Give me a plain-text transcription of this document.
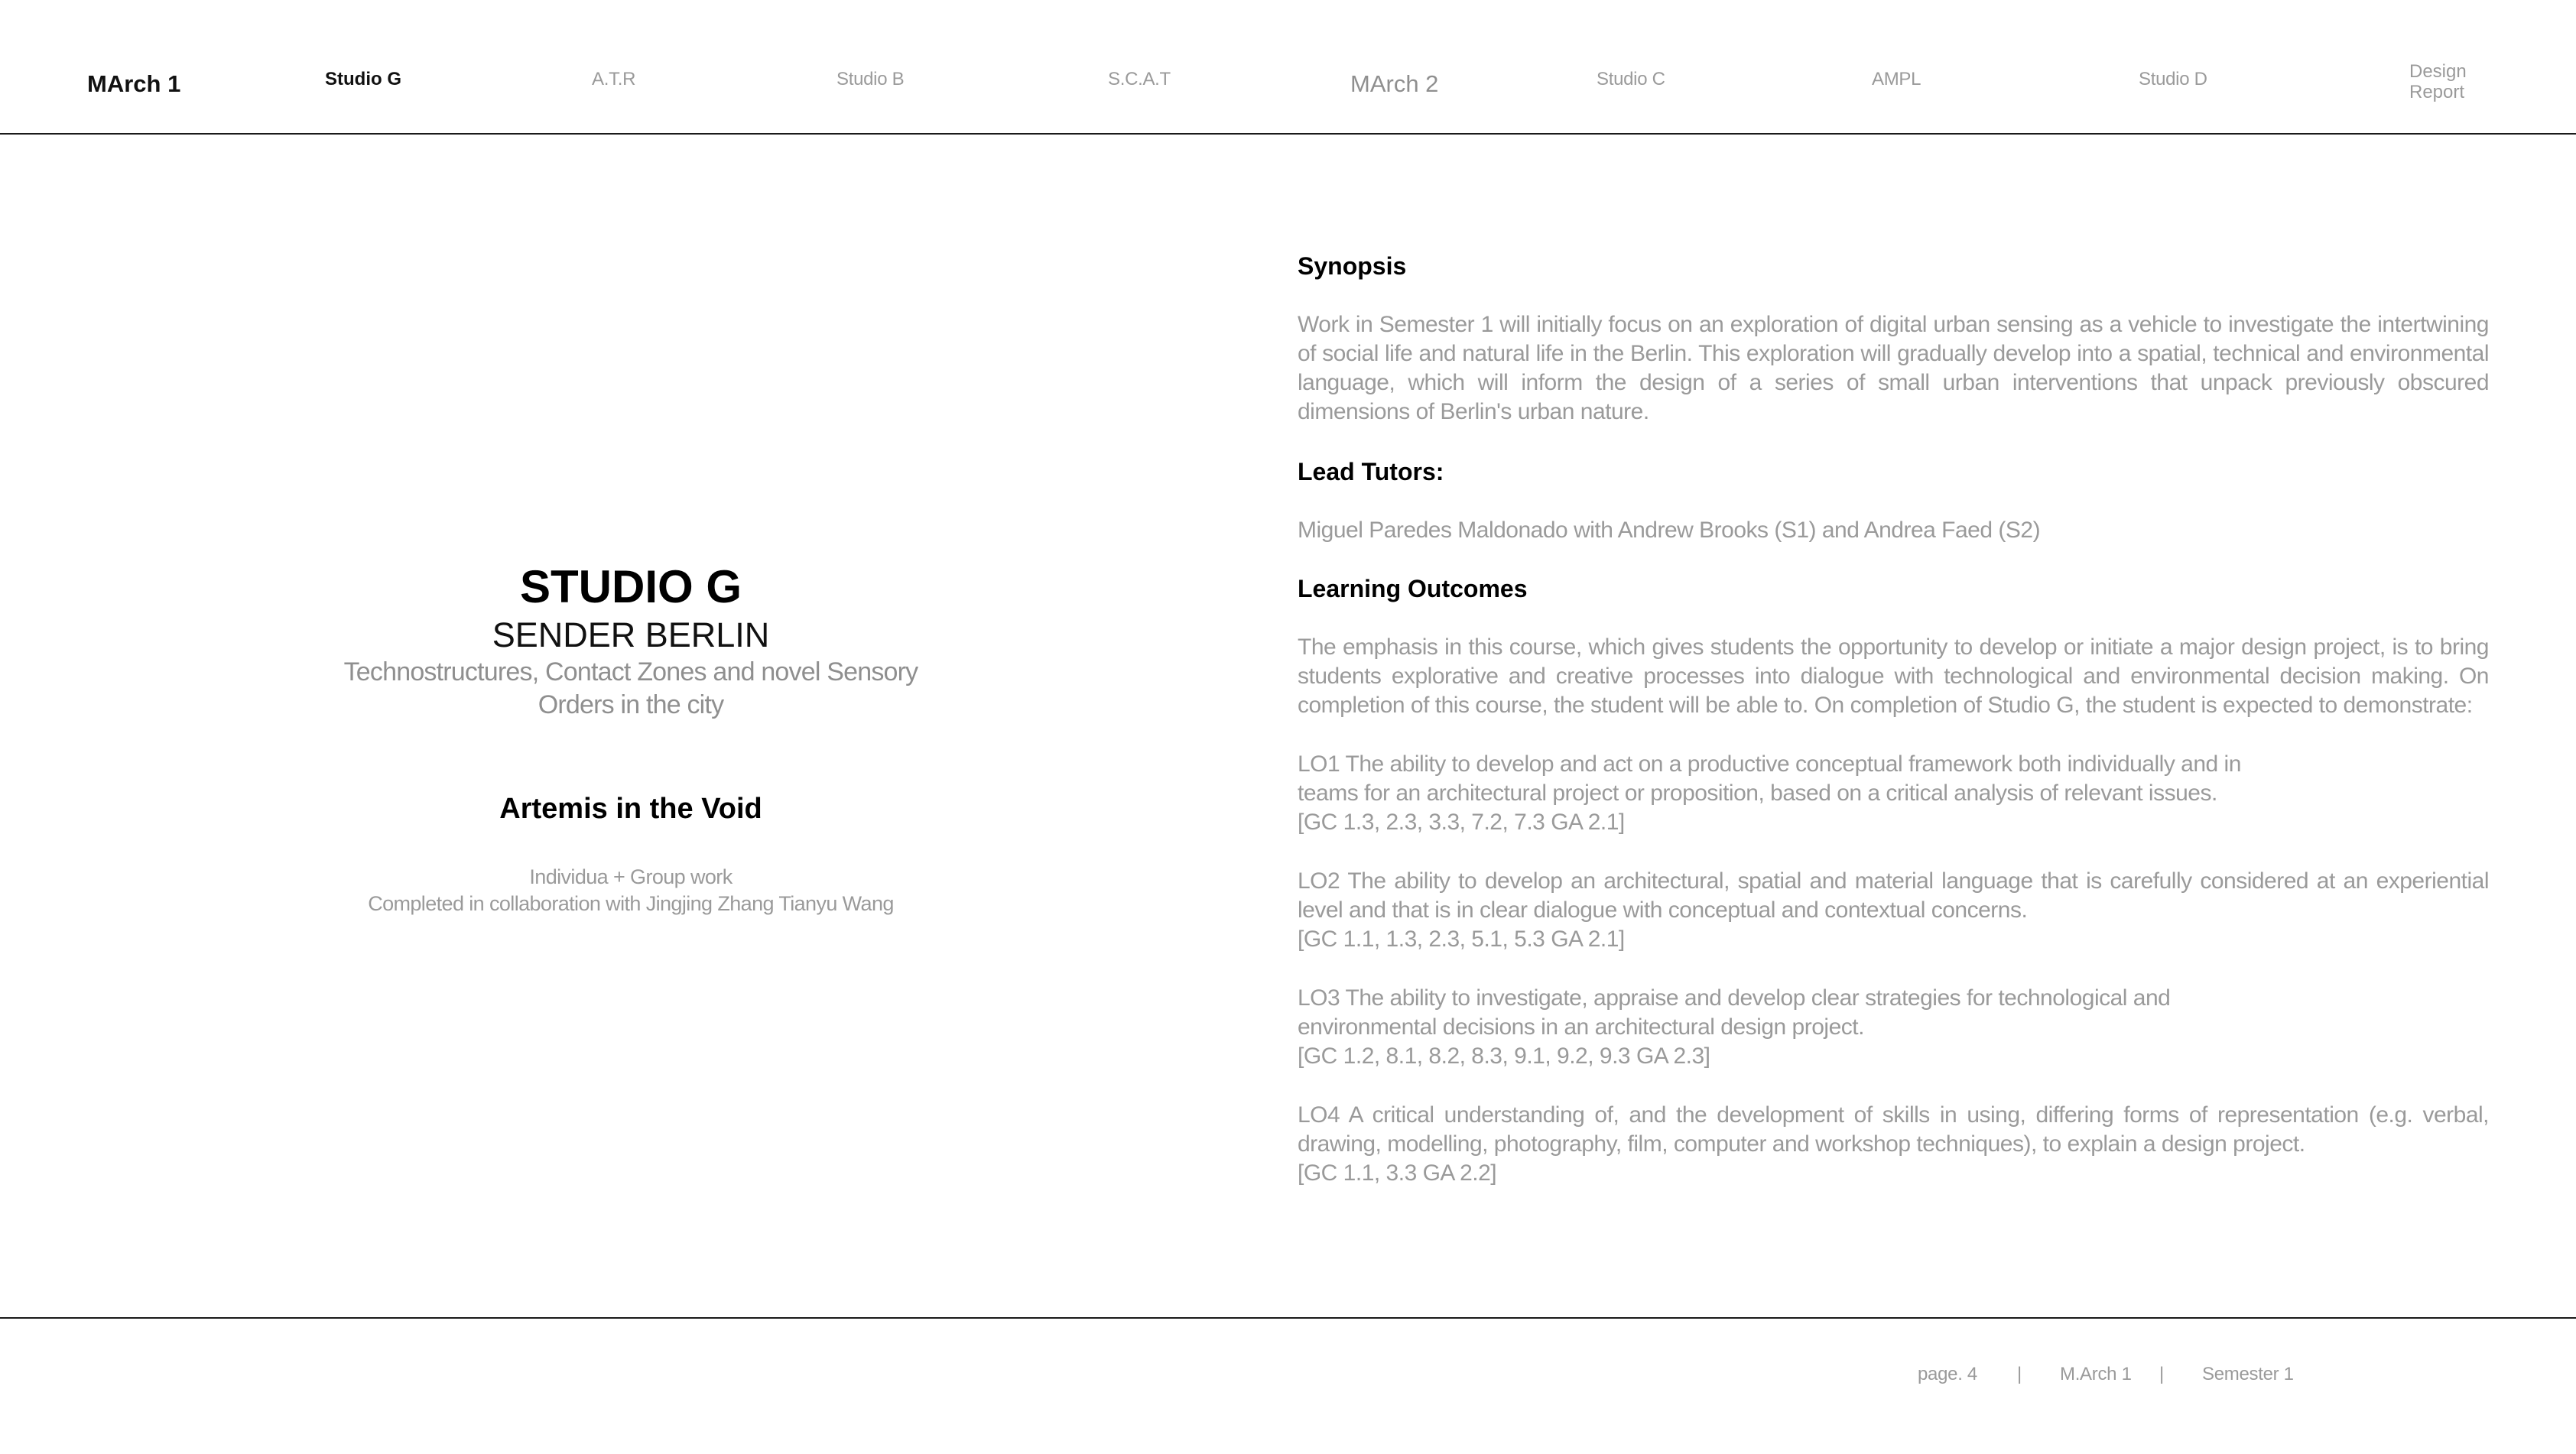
MArch 1	Studio G	A.T.R	Studio B	S.C.A.T	MArch 2	Studio C	AMPL	Studio D	Design
Report
STUDIO G
SENDER BERLIN
Technostructures, Contact Zones and novel Sensory
Orders in the city
Artemis in the Void
Individua + Group work
Completed in collaboration with Jingjing Zhang Tianyu Wang
Synopsis
Work in Semester 1 will initially focus on an exploration of digital urban sensing as a vehicle to investigate the intertwining of social life and natural life in the Berlin. This exploration will gradually develop into a spatial, technical and environmental language, which will inform the design of a series of small urban interventions that unpack previously obscured dimensions of Berlin's urban nature.
Lead Tutors:
Miguel Paredes Maldonado with Andrew Brooks (S1) and Andrea Faed (S2)
Learning Outcomes
The emphasis in this course, which gives students the opportunity to develop or initiate a major design project, is to bring students explorative and creative processes into dialogue with technological and environmental decision making. On completion of this course, the student will be able to. On completion of Studio G, the student is expected to demonstrate:
LO1 The ability to develop and act on a productive conceptual framework both individually and in
teams for an architectural project or proposition, based on a critical analysis of relevant issues.
[GC 1.3, 2.3, 3.3, 7.2, 7.3 GA 2.1]
LO2 The ability to develop an architectural, spatial and material language that is carefully considered at an experiential level and that is in clear dialogue with conceptual and contextual concerns.
[GC 1.1, 1.3, 2.3, 5.1, 5.3 GA 2.1]
LO3 The ability to investigate, appraise and develop clear strategies for technological and
environmental decisions in an architectural design project.
[GC 1.2, 8.1, 8.2, 8.3, 9.1, 9.2, 9.3 GA 2.3]
LO4 A critical understanding of, and the development of skills in using, differing forms of representation (e.g. verbal, drawing, modelling, photography, film, computer and workshop techniques), to explain a design project.
[GC 1.1, 3.3 GA 2.2]
page. 4 | M.Arch 1 | Semester 1
